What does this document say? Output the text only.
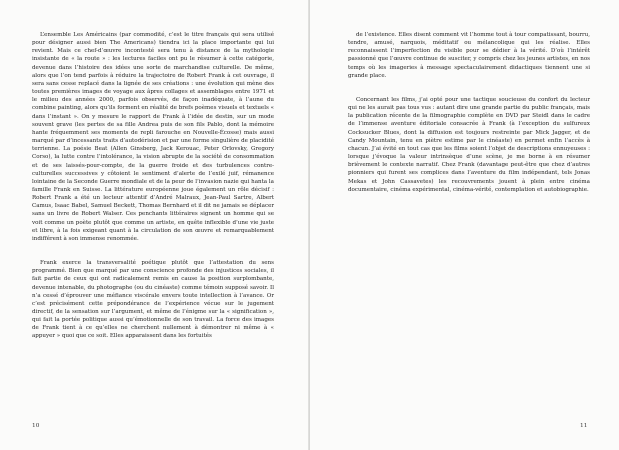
L’ensemble Les Américains (par commodité, c’est le titre français qui sera utilisé pour désigner aussi bien The Americans) tiendra ici la place importante qui lui revient. Mais ce chef-d’œuvre incontesté sera tenu à distance de la mythologie insistante de « la route » : les lectures faciles ont pu le résumer à cette catégorie, devenue dans l’histoire des idées une sorte de marchandise culturelle. De même, alors que l’on tend parfois à réduire la trajectoire de Robert Frank à cet ouvrage, il sera sans cesse replacé dans la lignée de ses créations : une évolution qui mène des toutes premières images de voyage aux âpres collages et assemblages entre 1971 et le milieu des années 2000, parfois observés, de façon inadéquate, à l’aune du combine painting, alors qu’ils forment en réalité de brefs poèmes visuels et textuels « dans l’instant ». On y mesure le rapport de Frank à l’idée de destin, sur un mode souvent grave (les pertes de sa fille Andrea puis de son fils Pablo, dont la mémoire hante fréquemment ses moments de repli farouche en Nouvelle-Écosse) mais aussi marqué par d’incessants traits d’autodérision et par une forme singulière de placidité terrienne. La poésie Beat (Allen Ginsberg, Jack Kerouac, Peter Orlovsky, Gregory Corso), la lutte contre l’intolérance, la vision abrupte de la société de consommation et de ses laissés-pour-compte, de la guerre froide et des turbulences contre-culturelles successives y côtoient le sentiment d’alerte de l’exilé juif, rémanence lointaine de la Seconde Guerre mondiale et de la peur de l’invasion nazie qui hanta la famille Frank en Suisse. La littérature européenne joue également un rôle décisif : Robert Frank a été un lecteur attentif d’André Malraux, Jean-Paul Sartre, Albert Camus, Isaac Babel, Samuel Beckett, Thomas Bernhard et il dit ne jamais se déplacer sans un livre de Robert Walser. Ces penchants littéraires signent un homme qui se voit comme un poète plutôt que comme un artiste, en quête inflexible d’une vie juste et libre, à la fois exigeant quant à la circulation de son œuvre et remarquablement indifférent à son immense renommée.

Frank exerce la transversalité poétique plutôt que l’attestation du sens programmé. Bien que marqué par une conscience profonde des injustices sociales, il fait partie de ceux qui ont radicalement remis en cause la position surplombante, devenue intenable, du photographe (ou du cinéaste) comme témoin supposé savoir. Il n’a cessé d’éprouver une méfiance viscérale envers toute intellection à l’avance. Or c’est précisément cette prépondérance de l’expérience vécue sur le jugement directif, de la sensation sur l’argument, et même de l’énigme sur la « signification », qui fait la portée politique aussi qu’émotionnelle de son travail. La force des images de Frank tient à ce qu’elles ne cherchent nullement à démontrer ni même à « appuyer » quoi que ce soit. Elles apparaissent dans les fortuités

10

de l’existence. Elles disent comment vit l’homme tout à tour compatissant, bourru, tendre, amusé, narquois, méditatif ou mélancolique qui les réalise. Elles reconnaissent l’imperfection du visible pour se dédier à la vérité. D’où l’intérêt passionné que l’œuvre continue de susciter, y compris chez les jeunes artistes, en nos temps où les imageries à message spectaculairement didactiques tiennent une si grande place.

Concernant les films, j’ai opté pour une tactique soucieuse du confort du lecteur qui ne les aurait pas tous vus : autant dire une grande partie du public français, mais la publication récente de la filmographie complète en DVD par Steidl dans le cadre de l’immense aventure éditoriale consacrée à Frank (à l’exception du sulfureux Cocksucker Blues, dont la diffusion est toujours restreinte par Mick Jagger, et de Candy Mountain, tenu en piètre estime par le cinéaste) en permet enfin l’accès à chacun. J’ai évité en tout cas que les films soient l’objet de descriptions ennuyeuses : lorsque j’évoque la valeur intrinsèque d’une scène, je me borne à en résumer brièvement le contexte narratif. Chez Frank (davantage peut-être que chez d’autres pionniers qui furent ses complices dans l’aventure du film indépendant, tels Jonas Mekas et John Cassavetes) les recouvrements jouent à plein entre cinéma documentaire, cinéma expérimental, cinéma-vérité, contemplation et autobiographie.

11
